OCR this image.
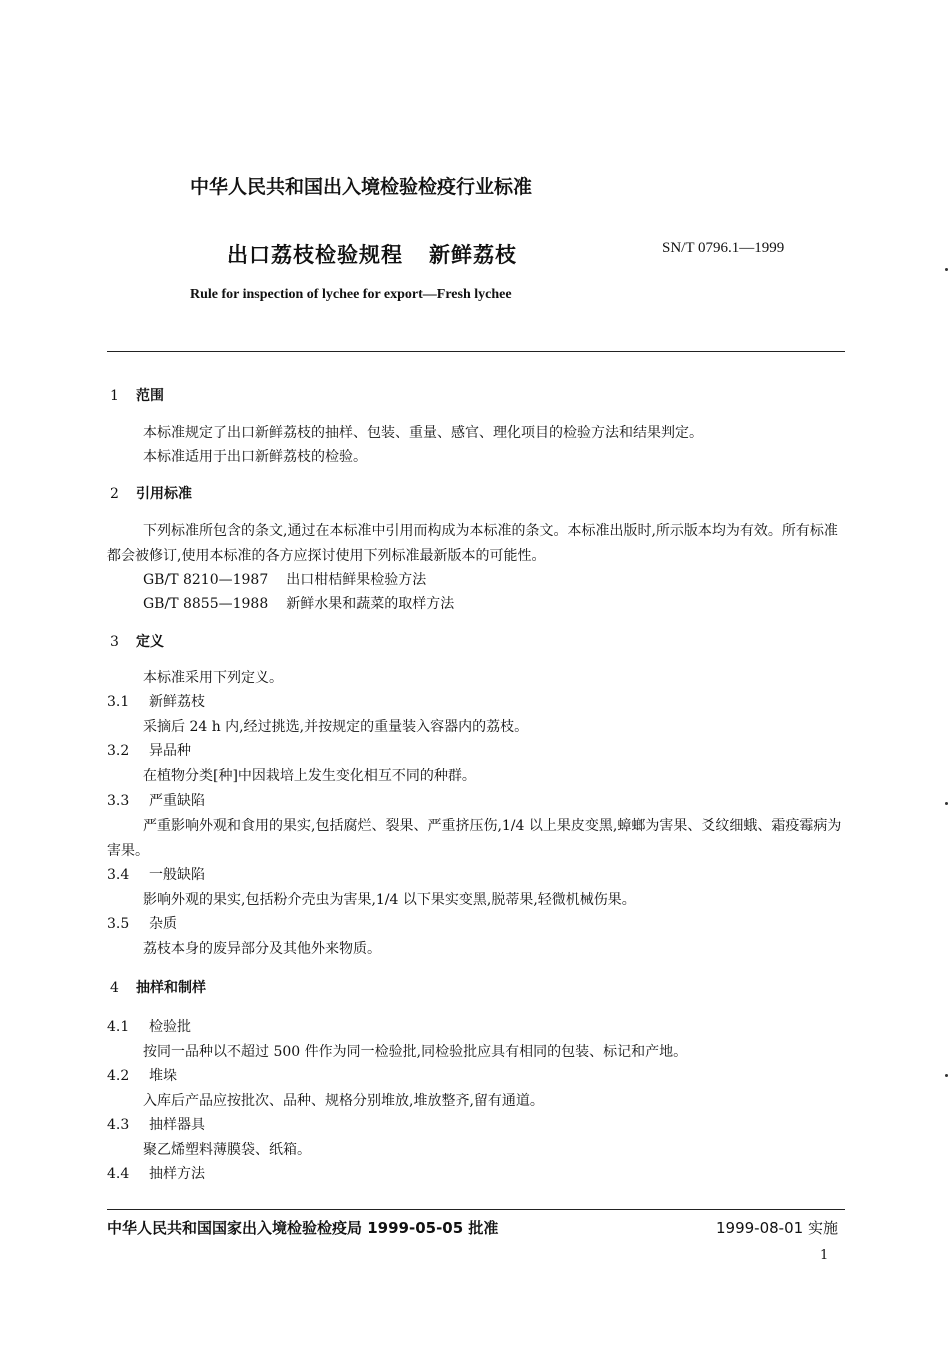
中华人民共和国出入境检验检疫行业标准
出口荔枝检验规程 新鲜荔枝	SN/T 0796.1—1999
Rule for inspection of lychee for export—Fresh lychee
1 范围
本标准规定了出口新鲜荔枝的抽样、包装、重量、感官、理化项目的检验方法和结果判定。
本标准适用于出口新鲜荔枝的检验。
2 引用标准
下列标准所包含的条文,通过在本标准中引用而构成为本标准的条文。本标准出版时,所示版本均为有效。所有标准都会被修订,使用本标准的各方应探讨使用下列标准最新版本的可能性。
GB/T 8210—1987 出口柑桔鲜果检验方法
GB/T 8855—1988 新鲜水果和蔬菜的取样方法
3 定义
本标准采用下列定义。
3.1 新鲜荔枝
采摘后 24 h 内,经过挑选,并按规定的重量装入容器内的荔枝。
3.2 异品种
在植物分类[种]中因栽培上发生变化相互不同的种群。
3.3 严重缺陷
严重影响外观和食用的果实,包括腐烂、裂果、严重挤压伤,1/4 以上果皮变黑,蟑螂为害果、爻纹细蛾、霜疫霉病为害果。
3.4 一般缺陷
影响外观的果实,包括粉介壳虫为害果,1/4 以下果实变黑,脱蒂果,轻微机械伤果。
3.5 杂质
荔枝本身的废异部分及其他外来物质。
4 抽样和制样
4.1 检验批
按同一品种以不超过 500 件作为同一检验批,同检验批应具有相同的包装、标记和产地。
4.2 堆垛
入库后产品应按批次、品种、规格分别堆放,堆放整齐,留有通道。
4.3 抽样器具
聚乙烯塑料薄膜袋、纸箱。
4.4 抽样方法
中华人民共和国国家出入境检验检疫局 1999-05-05 批准	1999-08-01 实施
1
